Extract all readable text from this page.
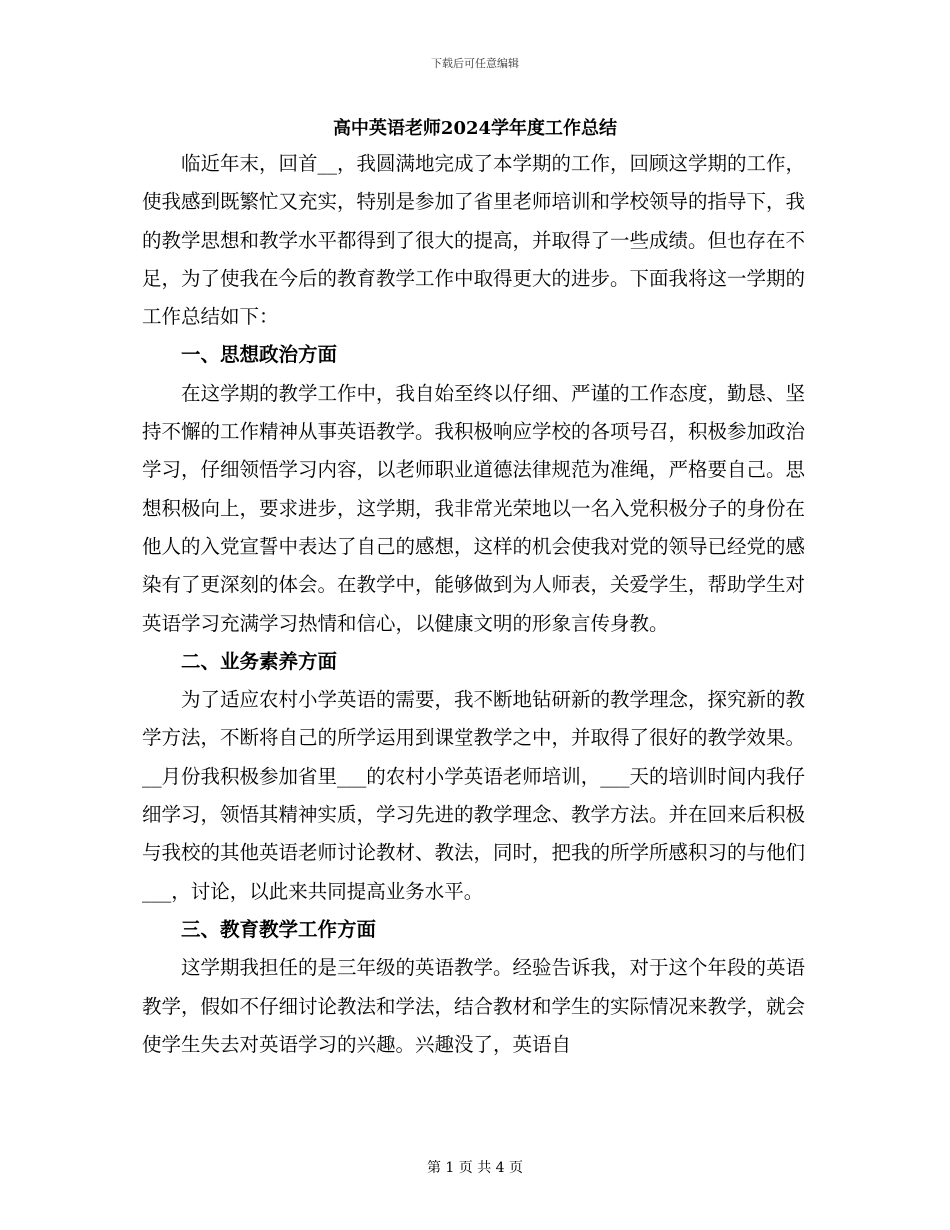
下载后可任意编辑
高中英语老师2024学年度工作总结

临近年末，回首__，我圆满地完成了本学期的工作，回顾这学期的工作，使我感到既繁忙又充实，特别是参加了省里老师培训和学校领导的指导下，我的教学思想和教学水平都得到了很大的提高，并取得了一些成绩。但也存在不足，为了使我在今后的教育教学工作中取得更大的进步。下面我将这一学期的工作总结如下：

一、思想政治方面

在这学期的教学工作中，我自始至终以仔细、严谨的工作态度，勤恳、坚持不懈的工作精神从事英语教学。我积极响应学校的各项号召，积极参加政治学习，仔细领悟学习内容，以老师职业道德法律规范为准绳，严格要自己。思想积极向上，要求进步，这学期，我非常光荣地以一名入党积极分子的身份在他人的入党宣誓中表达了自己的感想，这样的机会使我对党的领导已经党的感染有了更深刻的体会。在教学中，能够做到为人师表，关爱学生，帮助学生对英语学习充满学习热情和信心，以健康文明的形象言传身教。

二、业务素养方面

为了适应农村小学英语的需要，我不断地钻研新的教学理念，探究新的教学方法，不断将自己的所学运用到课堂教学之中，并取得了很好的教学效果。__月份我积极参加省里___的农村小学英语老师培训，___天的培训时间内我仔细学习，领悟其精神实质，学习先进的教学理念、教学方法。并在回来后积极与我校的其他英语老师讨论教材、教法，同时，把我的所学所感积习的与他们___，讨论，以此来共同提高业务水平。

三、教育教学工作方面

这学期我担任的是三年级的英语教学。经验告诉我，对于这个年段的英语教学，假如不仔细讨论教法和学法，结合教材和学生的实际情况来教学，就会使学生失去对英语学习的兴趣。兴趣没了，英语自

第 1 页 共 4 页
